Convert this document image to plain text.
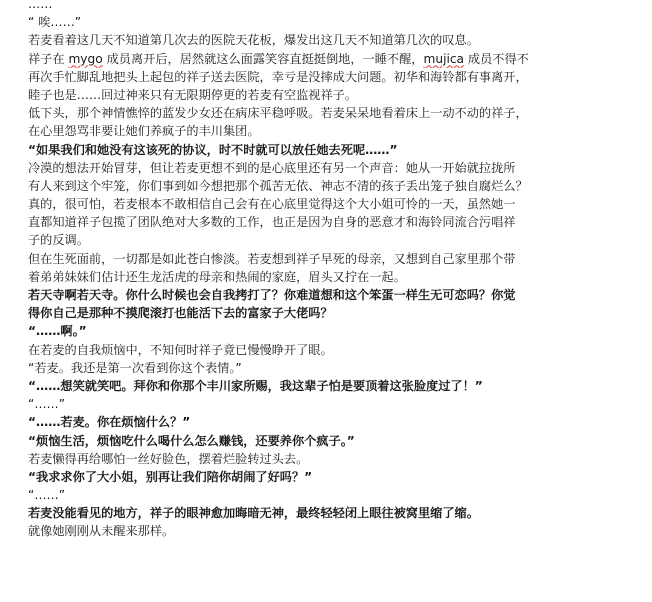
……
“ 唉……”
若麦看着这几天不知道第几次去的医院天花板，爆发出这几天不知道第几次的叹息。
祥子在 mygo 成员离开后，居然就这么面露笑容直挺挺倒地，一睡不醒，mujica 成员不得不
再次手忙脚乱地把头上起包的祥子送去医院，幸亏是没摔成大问题。初华和海铃都有事离开，
睦子也是……回过神来只有无限期停更的若麦有空监视祥子。
低下头，那个神情憔悴的蓝发少女还在病床平稳呼吸。若麦呆呆地看着床上一动不动的祥子，
在心里怨骂非要让她们养疯子的丰川集团。
“如果我们和她没有这该死的协议，时不时就可以放任她去死呢……”
冷漠的想法开始冒芽，但让若麦更想不到的是心底里还有另一个声音：她从一开始就拉拢所
有人来到这个牢笼，你们事到如今想把那个孤苦无依、神志不清的孩子丢出笼子独自腐烂么？
真的，很可怕，若麦根本不敢相信自己会有在心底里觉得这个大小姐可怜的一天，虽然她一
直都知道祥子包揽了团队绝对大多数的工作，也正是因为自身的恶意才和海铃同流合污唱祥
子的反调。
但在生死面前，一切都是如此苍白惨淡。若麦想到祥子早死的母亲，又想到自己家里那个带
着弟弟妹妹们估计还生龙活虎的母亲和热闹的家庭，眉头又拧在一起。
若天寺啊若天寺。你什么时候也会自我拷打了？你难道想和这个笨蛋一样生无可恋吗？你觉
得你自己是那种不摸爬滚打也能活下去的富家子大佬吗？
“……啊。”
在若麦的自我烦恼中，不知何时祥子竟已慢慢睁开了眼。
“若麦。我还是第一次看到你这个表情。”
“……想笑就笑吧。拜你和你那个丰川家所赐，我这辈子怕是要顶着这张脸度过了！”
“……”
“……若麦。你在烦恼什么？”
“烦恼生活，烦恼吃什么喝什么怎么赚钱，还要养你个疯子。”
若麦懒得再给哪怕一丝好脸色，摆着烂脸转过头去。
“我求求你了大小姐，别再让我们陪你胡闹了好吗？”
“……”
若麦没能看见的地方，祥子的眼神愈加晦暗无神，最终轻轻闭上眼往被窝里缩了缩。
就像她刚刚从未醒来那样。
